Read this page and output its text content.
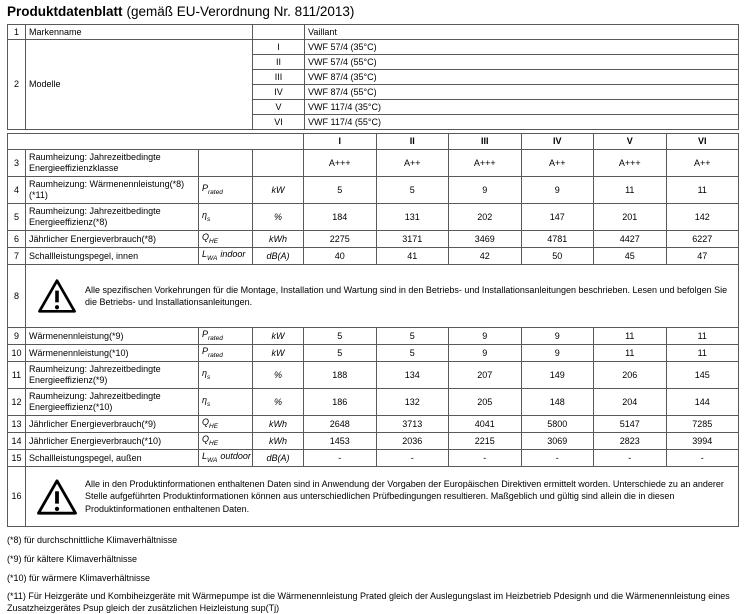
Produktdatenblatt (gemäß EU-Verordnung Nr. 811/2013)
1	Markenname		Vaillant
2	Modelle	I	VWF 57/4 (35°C)
		II	VWF 57/4 (55°C)
		III	VWF 87/4 (35°C)
		IV	VWF 87/4 (55°C)
		V	VWF 117/4 (35°C)
		VI	VWF 117/4 (55°C)
				I	II	III	IV	V	VI
3	Raumheizung: Jahrezeitbedingte Energieeffizienzklasse			A+++	A++	A+++	A++	A+++	A++
4	Raumheizung: Wärmenennleistung(*8) (*11)	$P_{rated}$	kW	5	5	9	9	11	11
5	Raumheizung: Jahrezeitbedingte Energieeffizienz(*8)	$\eta_s$	%	184	131	202	147	201	142
6	Jährlicher Energieverbrauch(*8)	$Q_{HE}$	kWh	2275	3171	3469	4781	4427	6227
7	Schallleistungspegel, innen	$L_{WA}$ indoor	dB(A)	40	41	42	50	45	47
8	Alle spezifischen Vorkehrungen für die Montage, Installation und Wartung sind in den Betriebs- und Installationsanleitungen beschrieben. Lesen und befolgen Sie die Betriebs- und Installationsanleitungen.								

9	Wärmenennleistung(*9)	$P_{rated}$	kW	5	5	9	9	11	11
10	Wärmenennleistung(*10)	$P_{rated}$	kW	5	5	9	9	11	11
11	Raumheizung: Jahrezeitbedingte Energieeffizienz(*9)	$\eta_s$	%	188	134	207	149	206	145
12	Raumheizung: Jahrezeitbedingte Energieeffizienz(*10)	$\eta_s$	%	186	132	205	148	204	144
13	Jährlicher Energieverbrauch(*9)	$Q_{HE}$	kWh	2648	3713	4041	5800	5147	7285
14	Jährlicher Energieverbrauch(*10)	$Q_{HE}$	kWh	1453	2036	2215	3069	2823	3994
15	Schallleistungspegel, außen	$L_{WA}$ outdoor	dB(A)	-	-	-	-	-	-
16	Alle in den Produktinformationen enthaltenen Daten sind in Anwendung der Vorgaben der Europäischen Direktiven ermittelt worden. Unterschiede zu an anderer Stelle aufgeführten Produktinformationen können aus unterschiedlichen Prüfbedingungen resultieren. Maßgeblich und gültig sind allein die in diesen Produktinformationen enthaltenen Daten.								
(*8) für durchschnittliche Klimaverhältnisse
(*9) für kältere Klimaverhältnisse
(*10) für wärmere Klimaverhältnisse
(*11) Für Heizgeräte und Kombiheizgeräte mit Wärmepumpe ist die Wärmenennleistung Prated gleich der Auslegungslast im Heizbetrieb Pdesignh und die Wärmenennleistung eines Zusatzheizgerätes Psup gleich der zusätzlichen Heizleistung sup(Tj)
